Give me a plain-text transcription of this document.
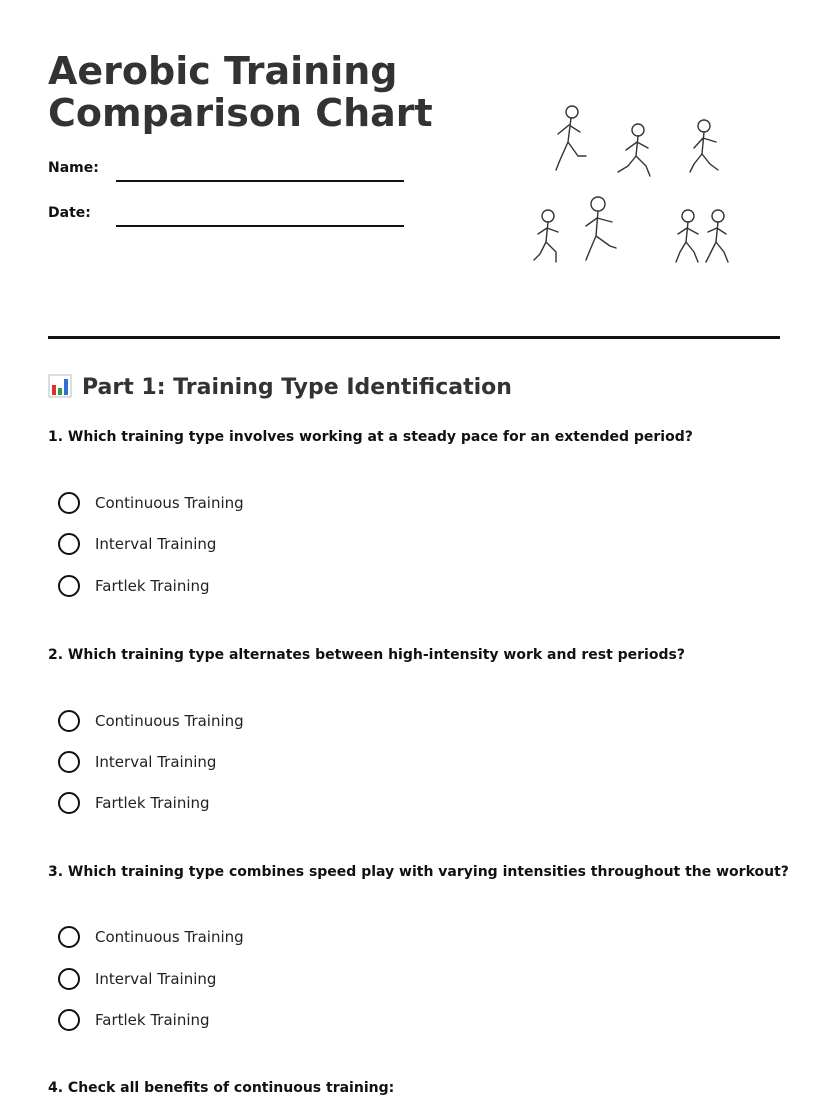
Aerobic Training
Comparison Chart
Name:
Date:
Part 1: Training Type Identification

1. Which training type involves working at a steady pace for an extended period?

Continuous Training
Interval Training
Fartlek Training

2. Which training type alternates between high-intensity work and rest periods?

Continuous Training
Interval Training
Fartlek Training

3. Which training type combines speed play with varying intensities throughout the workout?

Continuous Training
Interval Training
Fartlek Training

4. Check all benefits of continuous training:
